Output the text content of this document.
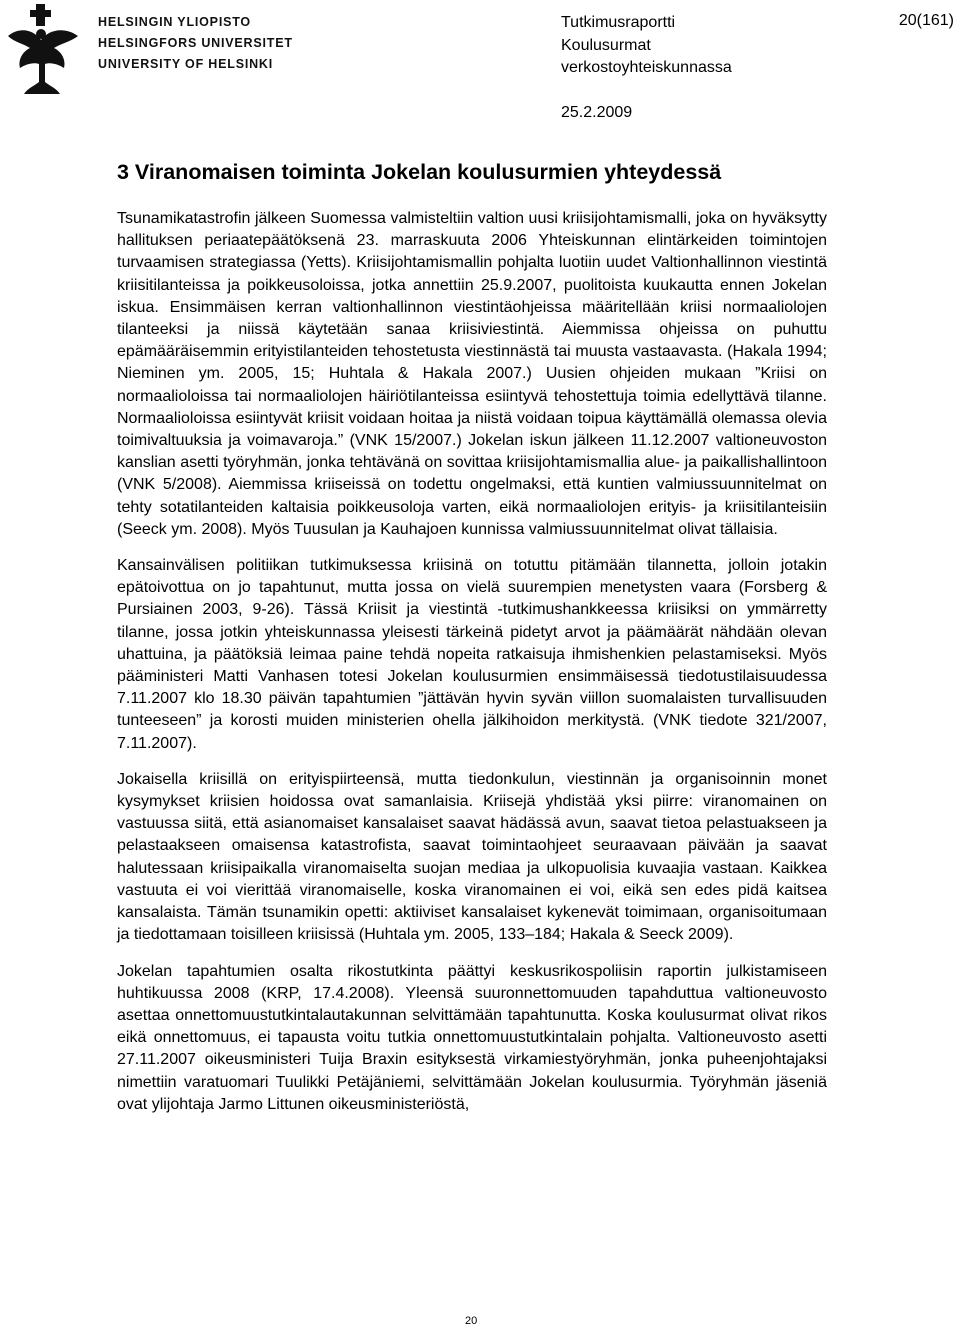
HELSINGIN YLIOPISTO
HELSINGFORS UNIVERSITET
UNIVERSITY OF HELSINKI
Tutkimusraportti
Koulusurmat
verkostoyhteiskunnassa
25.2.2009
20(161)
3 Viranomaisen toiminta Jokelan koulusurmien yhteydessä

Tsunamikatastrofin jälkeen Suomessa valmisteltiin valtion uusi kriisijohtamismalli, joka on hyväksytty hallituksen periaatepäätöksenä 23. marraskuuta 2006 Yhteiskunnan elintärkeiden toimintojen turvaamisen strategiassa (Yetts). Kriisijohtamismallin pohjalta luotiin uudet Valtionhallinnon viestintä kriisitilanteissa ja poikkeusoloissa, jotka annettiin 25.9.2007, puolitoista kuukautta ennen Jokelan iskua. Ensimmäisen kerran valtionhallinnon viestintäohjeissa määritellään kriisi normaaliolojen tilanteeksi ja niissä käytetään sanaa kriisiviestintä. Aiemmissa ohjeissa on puhuttu epämääräisemmin erityistilanteiden tehostetusta viestinnästä tai muusta vastaavasta. (Hakala 1994; Nieminen ym. 2005, 15; Huhtala & Hakala 2007.) Uusien ohjeiden mukaan ”Kriisi on normaalioloissa tai normaaliolojen häiriötilanteissa esiintyvä tehostettuja toimia edellyttävä tilanne. Normaalioloissa esiintyvät kriisit voidaan hoitaa ja niistä voidaan toipua käyttämällä olemassa olevia toimivaltuuksia ja voimavaroja.” (VNK 15/2007.) Jokelan iskun jälkeen 11.12.2007 valtioneuvoston kanslian asetti työryhmän, jonka tehtävänä on sovittaa kriisijohtamismallia alue- ja paikallishallintoon (VNK 5/2008). Aiemmissa kriiseissä on todettu ongelmaksi, että kuntien valmiussuunnitelmat on tehty sotatilanteiden kaltaisia poikkeusoloja varten, eikä normaaliolojen erityis- ja kriisitilanteisiin (Seeck ym. 2008). Myös Tuusulan ja Kauhajoen kunnissa valmiussuunnitelmat olivat tällaisia.

Kansainvälisen politiikan tutkimuksessa kriisinä on totuttu pitämään tilannetta, jolloin jotakin epätoivottua on jo tapahtunut, mutta jossa on vielä suurempien menetysten vaara (Forsberg & Pursiainen 2003, 9-26). Tässä Kriisit ja viestintä -tutkimushankkeessa kriisiksi on ymmärretty tilanne, jossa jotkin yhteiskunnassa yleisesti tärkeinä pidetyt arvot ja päämäärät nähdään olevan uhattuina, ja päätöksiä leimaa paine tehdä nopeita ratkaisuja ihmishenkien pelastamiseksi. Myös pääministeri Matti Vanhasen totesi Jokelan koulusurmien ensimmäisessä tiedotustilaisuudessa 7.11.2007 klo 18.30 päivän tapahtumien ”jättävän hyvin syvän viillon suomalaisten turvallisuuden tunteeseen” ja korosti muiden ministerien ohella jälkihoidon merkitystä. (VNK tiedote 321/2007, 7.11.2007).

Jokaisella kriisillä on erityispiirteensä, mutta tiedonkulun, viestinnän ja organisoinnin monet kysymykset kriisien hoidossa ovat samanlaisia. Kriisejä yhdistää yksi piirre: viranomainen on vastuussa siitä, että asianomaiset kansalaiset saavat hädässä avun, saavat tietoa pelastuakseen ja pelastaakseen omaisensa katastrofista, saavat toimintaohjeet seuraavaan päivään ja saavat halutessaan kriisipaikalla viranomaiselta suojan mediaa ja ulkopuolisia kuvaajia vastaan. Kaikkea vastuuta ei voi vierittää viranomaiselle, koska viranomainen ei voi, eikä sen edes pidä kaitsea kansalaista. Tämän tsunamikin opetti: aktiiviset kansalaiset kykenevät toimimaan, organisoitumaan ja tiedottamaan toisilleen kriisissä (Huhtala ym. 2005, 133–184; Hakala & Seeck 2009).

Jokelan tapahtumien osalta rikostutkinta päättyi keskusrikospoliisin raportin julkistamiseen huhtikuussa 2008 (KRP, 17.4.2008). Yleensä suuronnettomuuden tapahduttua valtioneuvosto asettaa onnettomuustutkintalautakunnan selvittämään tapahtunutta. Koska koulusurmat olivat rikos eikä onnettomuus, ei tapausta voitu tutkia onnettomuustutkintalain pohjalta. Valtioneuvosto asetti 27.11.2007 oikeusministeri Tuija Braxin esityksestä virkamiestyöryhmän, jonka puheenjohtajaksi nimettiin varatuomari Tuulikki Petäjäniemi, selvittämään Jokelan koulusurmia. Työryhmän jäseniä ovat ylijohtaja Jarmo Littunen oikeusministeriöstä,

20
